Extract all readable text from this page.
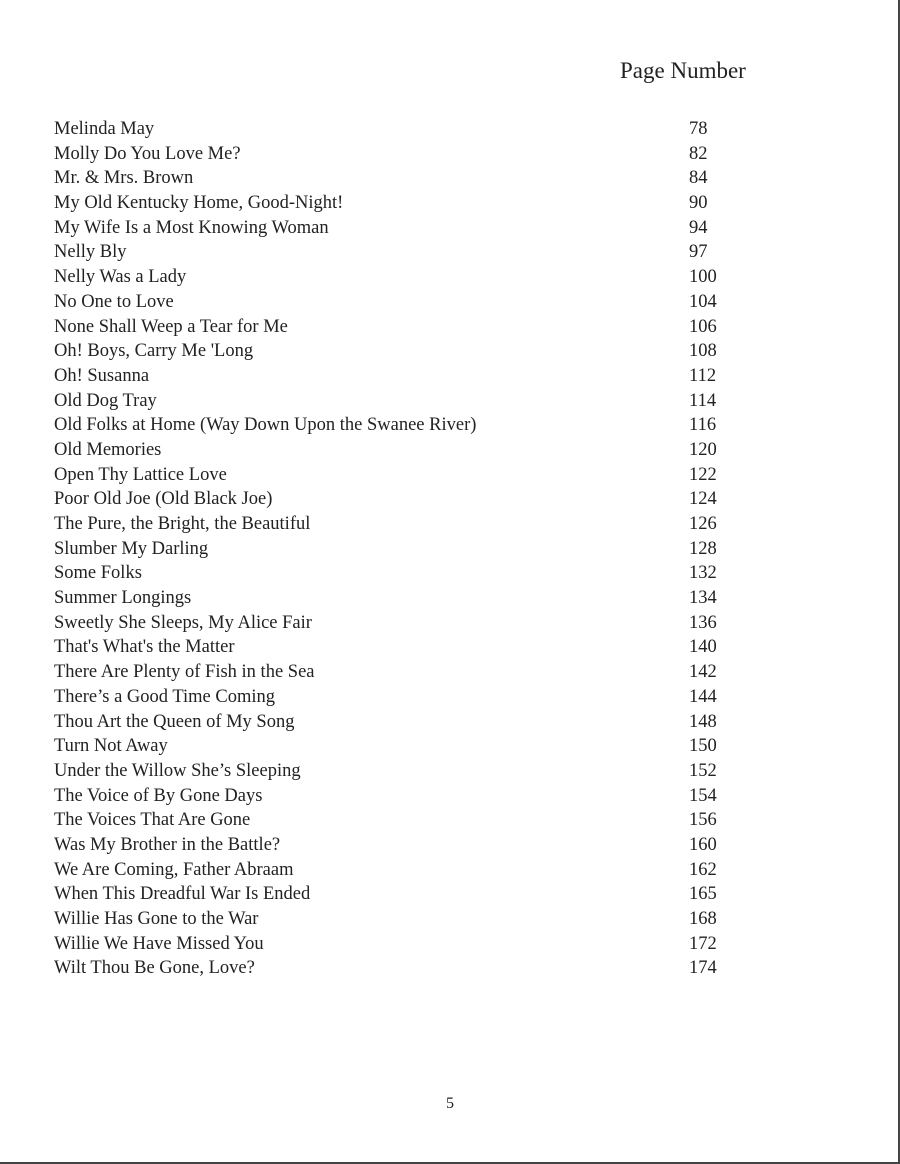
Page Number
Melinda May	78
Molly Do You Love Me?	82
Mr. & Mrs. Brown	84
My Old Kentucky Home, Good-Night!	90
My Wife Is a Most Knowing Woman	94
Nelly Bly	97
Nelly Was a Lady	100
No One to Love	104
None Shall Weep a Tear for Me	106
Oh! Boys, Carry Me 'Long	108
Oh! Susanna	112
Old Dog Tray	114
Old Folks at Home (Way Down Upon the Swanee River)	116
Old Memories	120
Open Thy Lattice Love	122
Poor Old Joe (Old Black Joe)	124
The Pure, the Bright, the Beautiful	126
Slumber My Darling	128
Some Folks	132
Summer Longings	134
Sweetly She Sleeps, My Alice Fair	136
That's What's the Matter	140
There Are Plenty of Fish in the Sea	142
There’s a Good Time Coming	144
Thou Art the Queen of My Song	148
Turn Not Away	150
Under the Willow She’s Sleeping	152
The Voice of By Gone Days	154
The Voices That Are Gone	156
Was My Brother in the Battle?	160
We Are Coming, Father Abraam	162
When This Dreadful War Is Ended	165
Willie Has Gone to the War	168
Willie We Have Missed You	172
Wilt Thou Be Gone, Love?	174
5
